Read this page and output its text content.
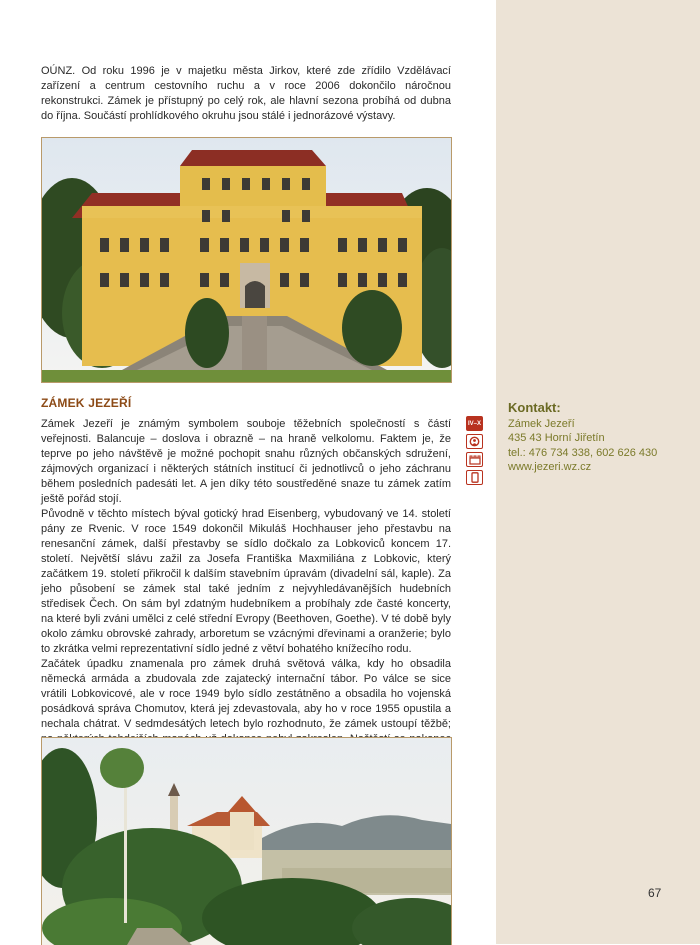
OÚNZ. Od roku 1996 je v majetku města Jirkov, které zde zřídilo Vzdělávací zařízení a centrum cestovního ruchu a v roce 2006 dokončilo náročnou rekonstrukci. Zámek je přístupný po celý rok, ale hlavní sezona probíhá od dubna do října. Součástí prohlídkového okruhu jsou stálé i jednorázové výstavy.
ZÁMEK JEZEŘÍ

Zámek Jezeří je známým symbolem souboje těžebních společností s částí veřejnosti. Balancuje – doslova i obrazně – na hraně velkolomu. Faktem je, že teprve po jeho návštěvě je možné pochopit snahu různých občanských sdružení, zájmových organizací i některých státních institucí či jednotlivců o jeho záchranu během posledních padesáti let. A jen díky této soustředěné snaze tu zámek zatím ještě pořád stojí.

Původně v těchto místech býval gotický hrad Eisenberg, vybudovaný ve 14. století pány ze Rvenic. V roce 1549 dokončil Mikuláš Hochhauser jeho přestavbu na renesanční zámek, další přestavby se sídlo dočkalo za Lobkoviců koncem 17. století. Největší slávu zažil za Josefa Františka Maxmiliána z Lobkovic, který začátkem 19. století přikročil k dalším stavebním úpravám (divadelní sál, kaple). Za jeho působení se zámek stal také jedním z nejvyhledávanějších hudebních středisek Čech. On sám byl zdatným hudebníkem a probíhaly zde časté koncerty, na které byli zváni umělci z celé střední Evropy (Beethoven, Goethe). V té době byly okolo zámku obrovské zahrady, arboretum se vzácnými dřevinami a oranžerie; bylo to zkrátka velmi reprezentativní sídlo jedné z větví bohatého knížecího rodu.

Začátek úpadku znamenala pro zámek druhá světová válka, kdy ho obsadila německá armáda a zbudovala zde zajatecký internační tábor. Po válce se sice vrátili Lobkovicové, ale v roce 1949 bylo sídlo zestátněno a obsadila ho vojenská posádková správa Chomutov, která jej zdevastovala, aby ho v roce 1955 opustila a nechala chátrat. V sedmdesátých letech bylo rozhodnuto, že zámek ustoupí těžbě;

IV–X
Kontakt:
Zámek Jezeří
435 43 Horní Jiřetín
tel.: 476 734 338, 602 626 430
www.jezeri.wz.cz
67
